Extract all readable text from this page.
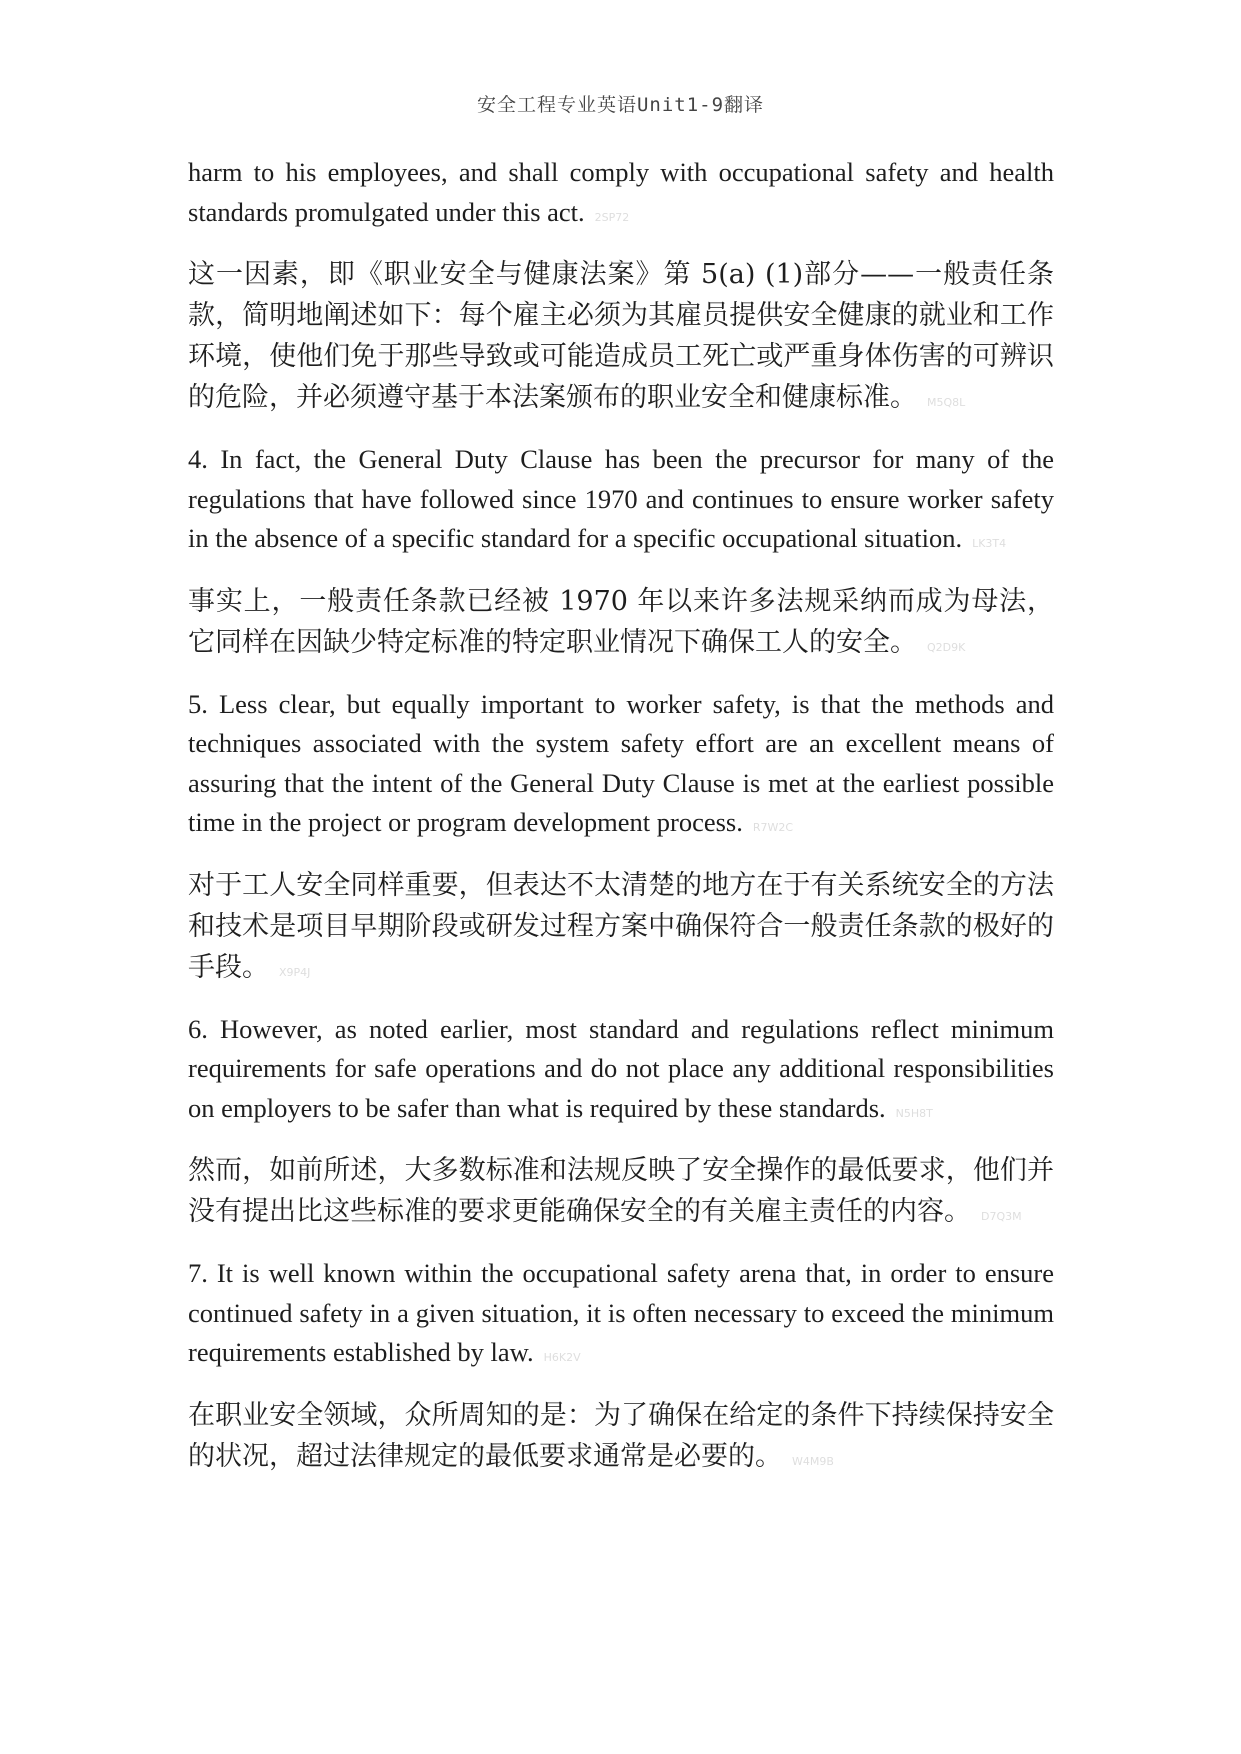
安全工程专业英语Unit1-9翻译

harm to his employees, and shall comply with occupational safety and health standards promulgated under this act. 2SP72

这一因素，即《职业安全与健康法案》第 5(a) (1)部分——一般责任条款，简明地阐述如下：每个雇主必须为其雇员提供安全健康的就业和工作环境，使他们免于那些导致或可能造成员工死亡或严重身体伤害的可辨识的危险，并必须遵守基于本法案颁布的职业安全和健康标准。 M5Q8L

4. In fact, the General Duty Clause has been the precursor for many of the regulations that have followed since 1970 and continues to ensure worker safety in the absence of a specific standard for a specific occupational situation. LK3T4

事实上，一般责任条款已经被 1970 年以来许多法规采纳而成为母法，它同样在因缺少特定标准的特定职业情况下确保工人的安全。 Q2D9K

5. Less clear, but equally important to worker safety, is that the methods and techniques associated with the system safety effort are an excellent means of assuring that the intent of the General Duty Clause is met at the earliest possible time in the project or program development process. R7W2C

对于工人安全同样重要，但表达不太清楚的地方在于有关系统安全的方法和技术是项目早期阶段或研发过程方案中确保符合一般责任条款的极好的手段。 X9P4J

6. However, as noted earlier, most standard and regulations reflect minimum requirements for safe operations and do not place any additional responsibilities on employers to be safer than what is required by these standards. N5H8T

然而，如前所述，大多数标准和法规反映了安全操作的最低要求，他们并没有提出比这些标准的要求更能确保安全的有关雇主责任的内容。 D7Q3M

7. It is well known within the occupational safety arena that, in order to ensure continued safety in a given situation, it is often necessary to exceed the minimum requirements established by law. H6K2V

在职业安全领域，众所周知的是：为了确保在给定的条件下持续保持安全的状况，超过法律规定的最低要求通常是必要的。 W4M9B
